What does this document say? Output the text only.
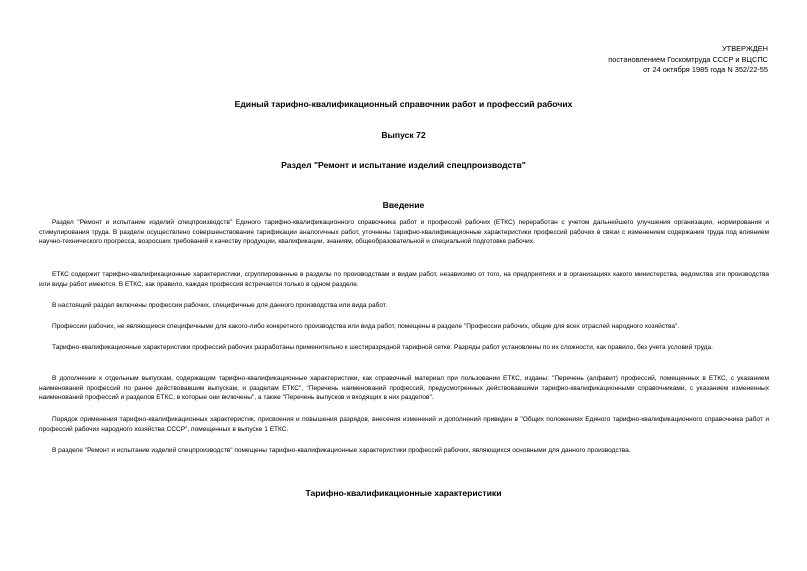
УТВЕРЖДЕН
постановлением Госкомтруда СССР и ВЦСПС
от 24 октября 1985 года N 352/22-55
Единый тарифно-квалификационный справочник работ и профессий рабочих
Выпуск 72
Раздел "Ремонт и испытание изделий спецпроизводств"
Введение

Раздел "Ремонт и испытание изделий спецпроизводств" Единого тарифно-квалификационного справочника работ и профессий рабочих (ЕТКС) переработан с учетом дальнейшего улучшения организации, нормирования и стимулирования труда. В разделе осуществлено совершенствование тарификации аналогичных работ, уточнены тарифно-квалификационные характеристики профессий рабочих в связи с изменением содержания труда под влиянием научно-технического прогресса, возросших требований к качеству продукции, квалификации, знаниям, общеобразовательной и специальной подготовке рабочих.

ЕТКС содержит тарифно-квалификационные характеристики, сгруппированные в разделы по производствам и видам работ, независимо от того, на предприятиях и в организациях какого министерства, ведомства эти производства или виды работ имеются. В ЕТКС, как правило, каждая профессия встречается только в одном разделе.

В настоящий раздел включены профессии рабочих, специфичные для данного производства или вида работ.

Профессии рабочих, не являющиеся специфичными для какого-либо конкретного производства или вида работ, помещены в разделе "Профессии рабочих, общие для всех отраслей народного хозяйства".

Тарифно-квалификационные характеристики профессий рабочих разработаны применительно к шестиразрядной тарифной сетке. Разряды работ установлены по их сложности, как правило, без учета условий труда.

В дополнение к отдельным выпускам, содержащим тарифно-квалификационные характеристики, как справочный материал при пользовании ЕТКС, изданы: "Перечень (алфавит) профессий, помещенных в ЕТКС, с указанием наименований профессий по ранее действовавшим выпускам, и разделам ЕТКС", "Перечень наименований профессий, предусмотренных действовавшими тарифно-квалификационными справочниками, с указанием измененных наименований профессий и разделов ЕТКС, в которые они включены", а также "Перечень выпусков и входящих в них разделов".

Порядок применения тарифно-квалификационных характеристик, присвоения и повышения разрядов, внесения изменений и дополнений приведен в "Общих положениях Единого тарифно-квалификационного справочника работ и профессий рабочих народного хозяйства СССР", помещенных в выпуске 1 ЕТКС.

В разделе "Ремонт и испытание изделий спецпроизводств" помещены тарифно-квалификационные характеристики профессий рабочих, являющихся основными для данного производства.

Тарифно-квалификационные характеристики
